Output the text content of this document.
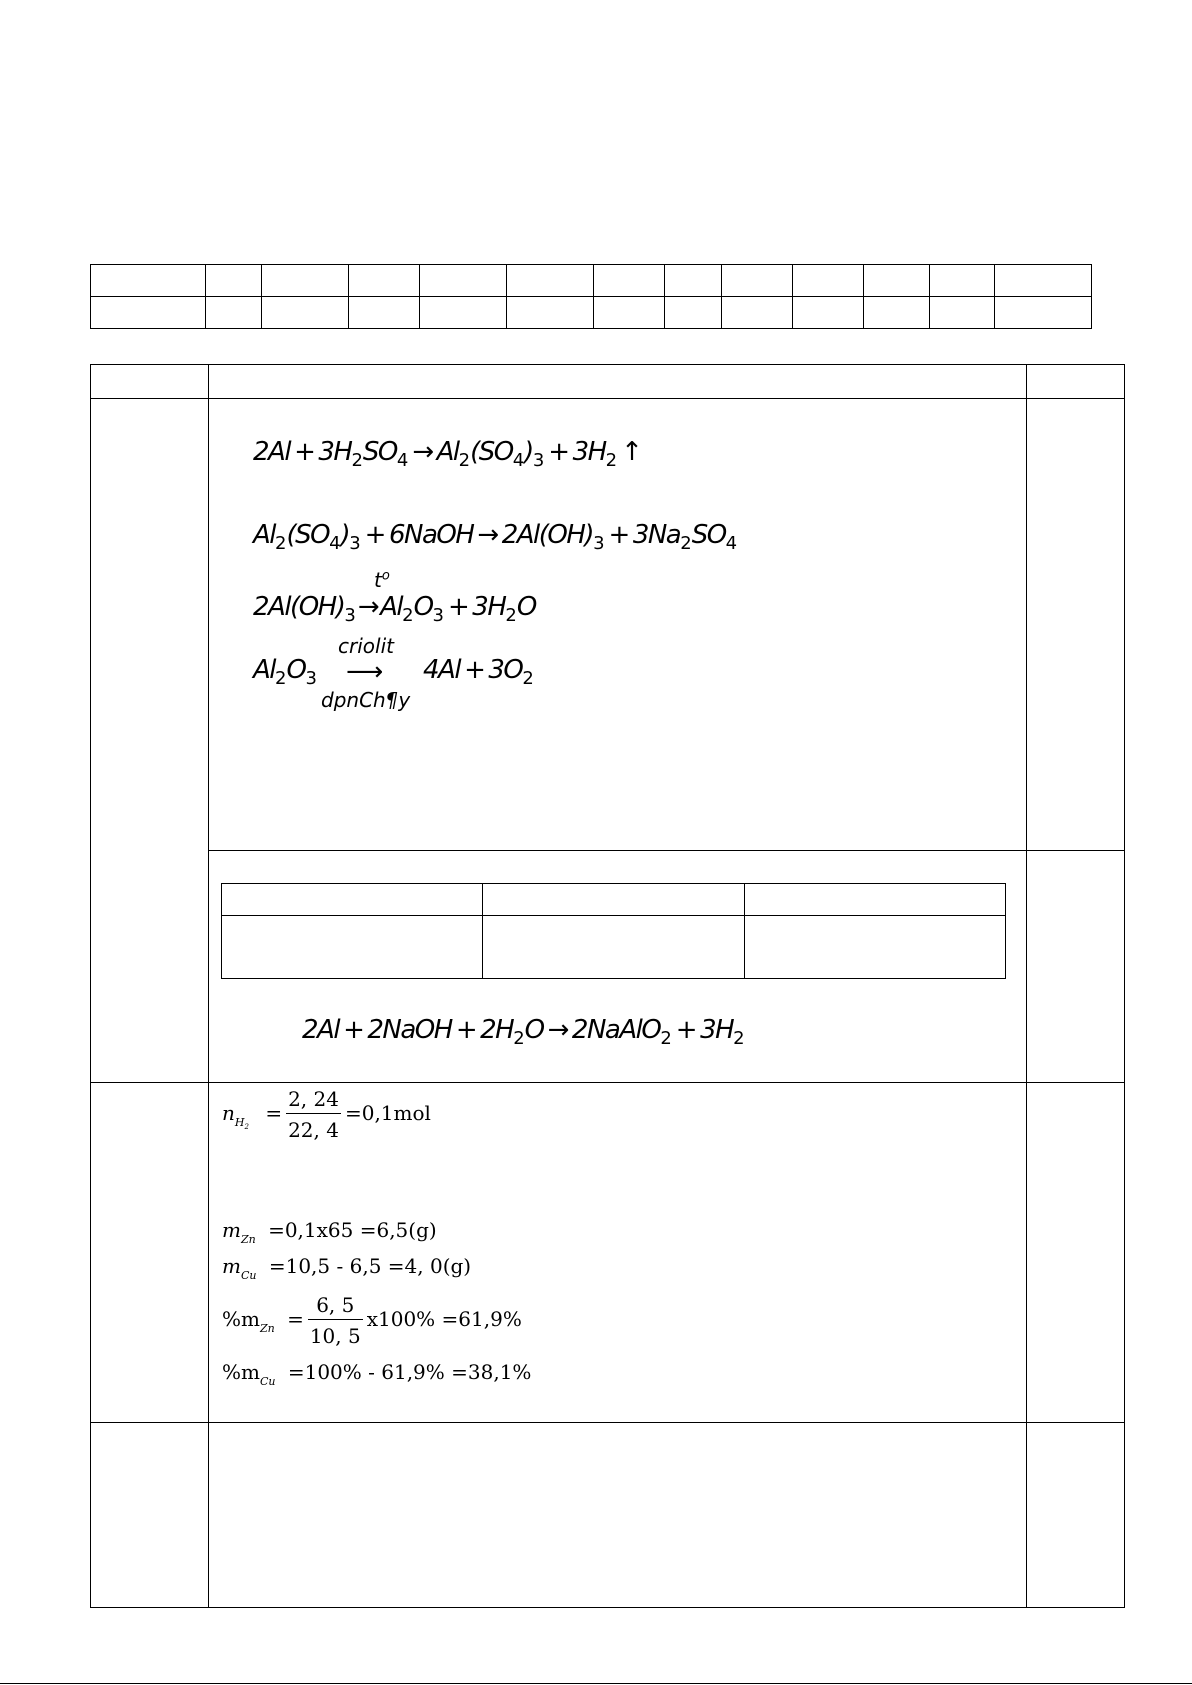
$2Al + 3H_2SO_4 \to Al_2(SO_4)_3 + 3H_2$ ↑
$Al_2(SO_4)_3$ + 6NaOH → $2Al(OH)_3 + 3Na_2SO_4$
$t^o$
$2Al(OH)_3\to Al_2O_3 + 3H_2O$
criolit
$Al_2O_3$ ⟶ $4Al + 3O_2$
dpnCh¶y

2Al + 2NaOH + $2H_2O$ → 2NaAlO$_2$ + $3H_2$
$n_{H2} = \frac{2, 24}{22, 4} =0,1mol$
$m_{Zn} =0,1x65 =6,5(g)$
$m_{Cu} =10,5 - 6,5 =4$, 0(g)
$\%m_{Zn} = \frac{6, 5}{10, 5} x100\% =61,9\%$
$\%m_{Cu} =100\% - 61,9\% =38,1\%$
